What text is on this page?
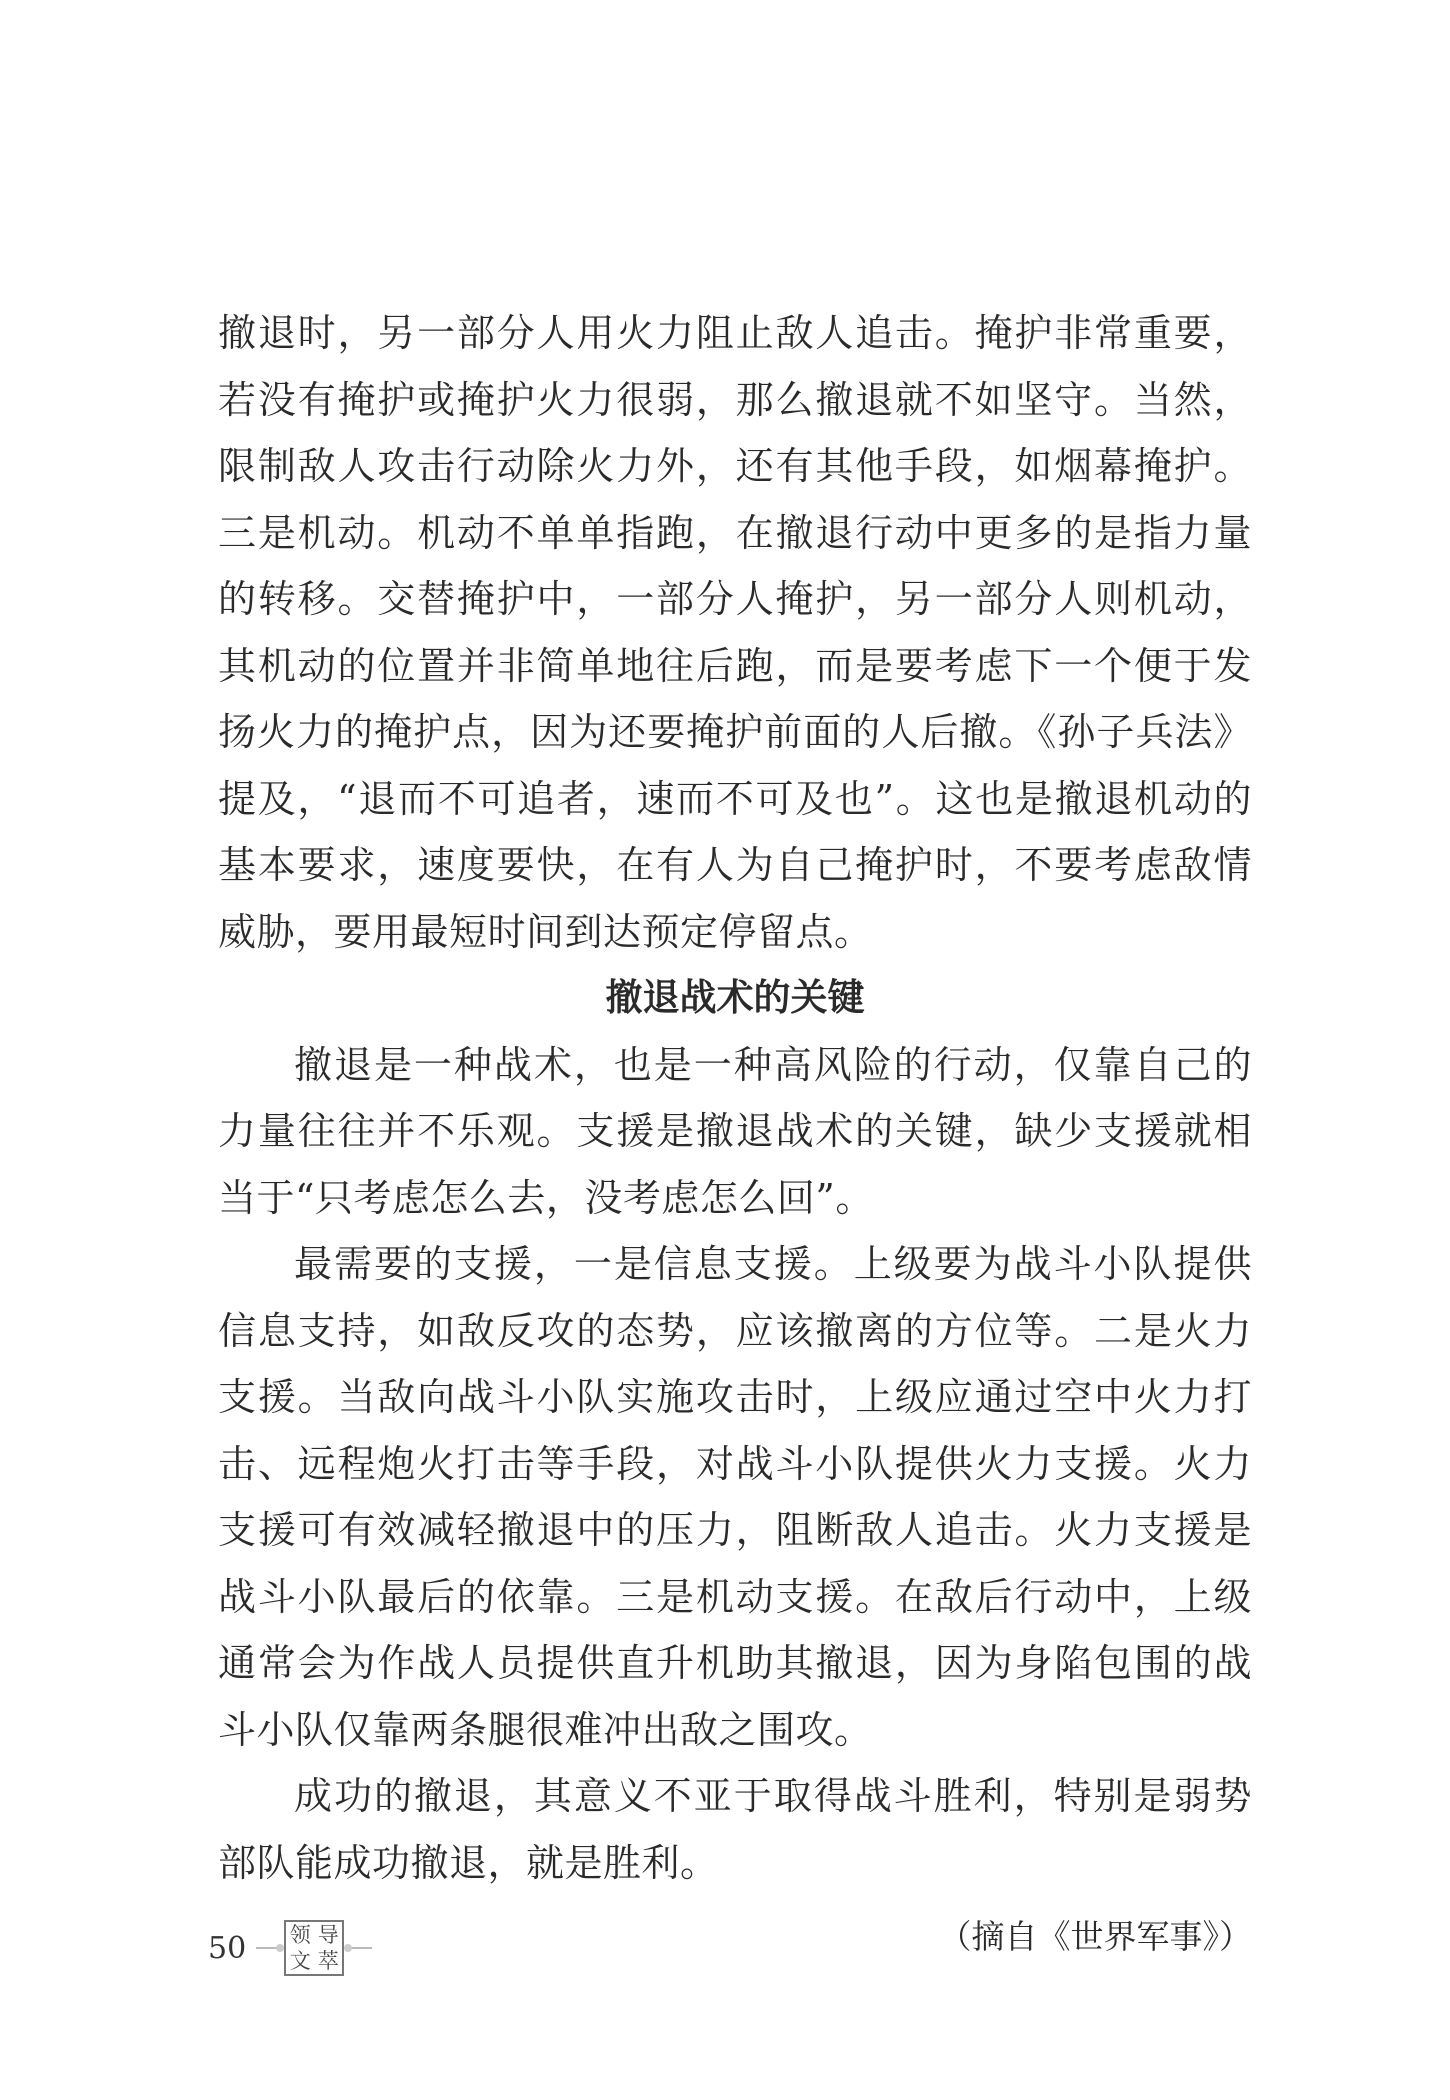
撤退时，另一部分人用火力阻止敌人追击。掩护非常重要，若没有掩护或掩护火力很弱，那么撤退就不如坚守。当然，限制敌人攻击行动除火力外，还有其他手段，如烟幕掩护。三是机动。机动不单单指跑，在撤退行动中更多的是指力量的转移。交替掩护中，一部分人掩护，另一部分人则机动，其机动的位置并非简单地往后跑，而是要考虑下一个便于发扬火力的掩护点，因为还要掩护前面的人后撤。《孙子兵法》提及，“退而不可追者，速而不可及也”。这也是撤退机动的基本要求，速度要快，在有人为自己掩护时，不要考虑敌情威胁，要用最短时间到达预定停留点。

撤退战术的关键

撤退是一种战术，也是一种高风险的行动，仅靠自己的力量往往并不乐观。支援是撤退战术的关键，缺少支援就相当于“只考虑怎么去，没考虑怎么回”。

最需要的支援，一是信息支援。上级要为战斗小队提供信息支持，如敌反攻的态势，应该撤离的方位等。二是火力支援。当敌向战斗小队实施攻击时，上级应通过空中火力打击、远程炮火打击等手段，对战斗小队提供火力支援。火力支援可有效减轻撤退中的压力，阻断敌人追击。火力支援是战斗小队最后的依靠。三是机动支援。在敌后行动中，上级通常会为作战人员提供直升机助其撤退，因为身陷包围的战斗小队仅靠两条腿很难冲出敌之围攻。

成功的撤退，其意义不亚于取得战斗胜利，特别是弱势部队能成功撤退，就是胜利。

（摘自《世界军事》）

50 领 导
文 萃
